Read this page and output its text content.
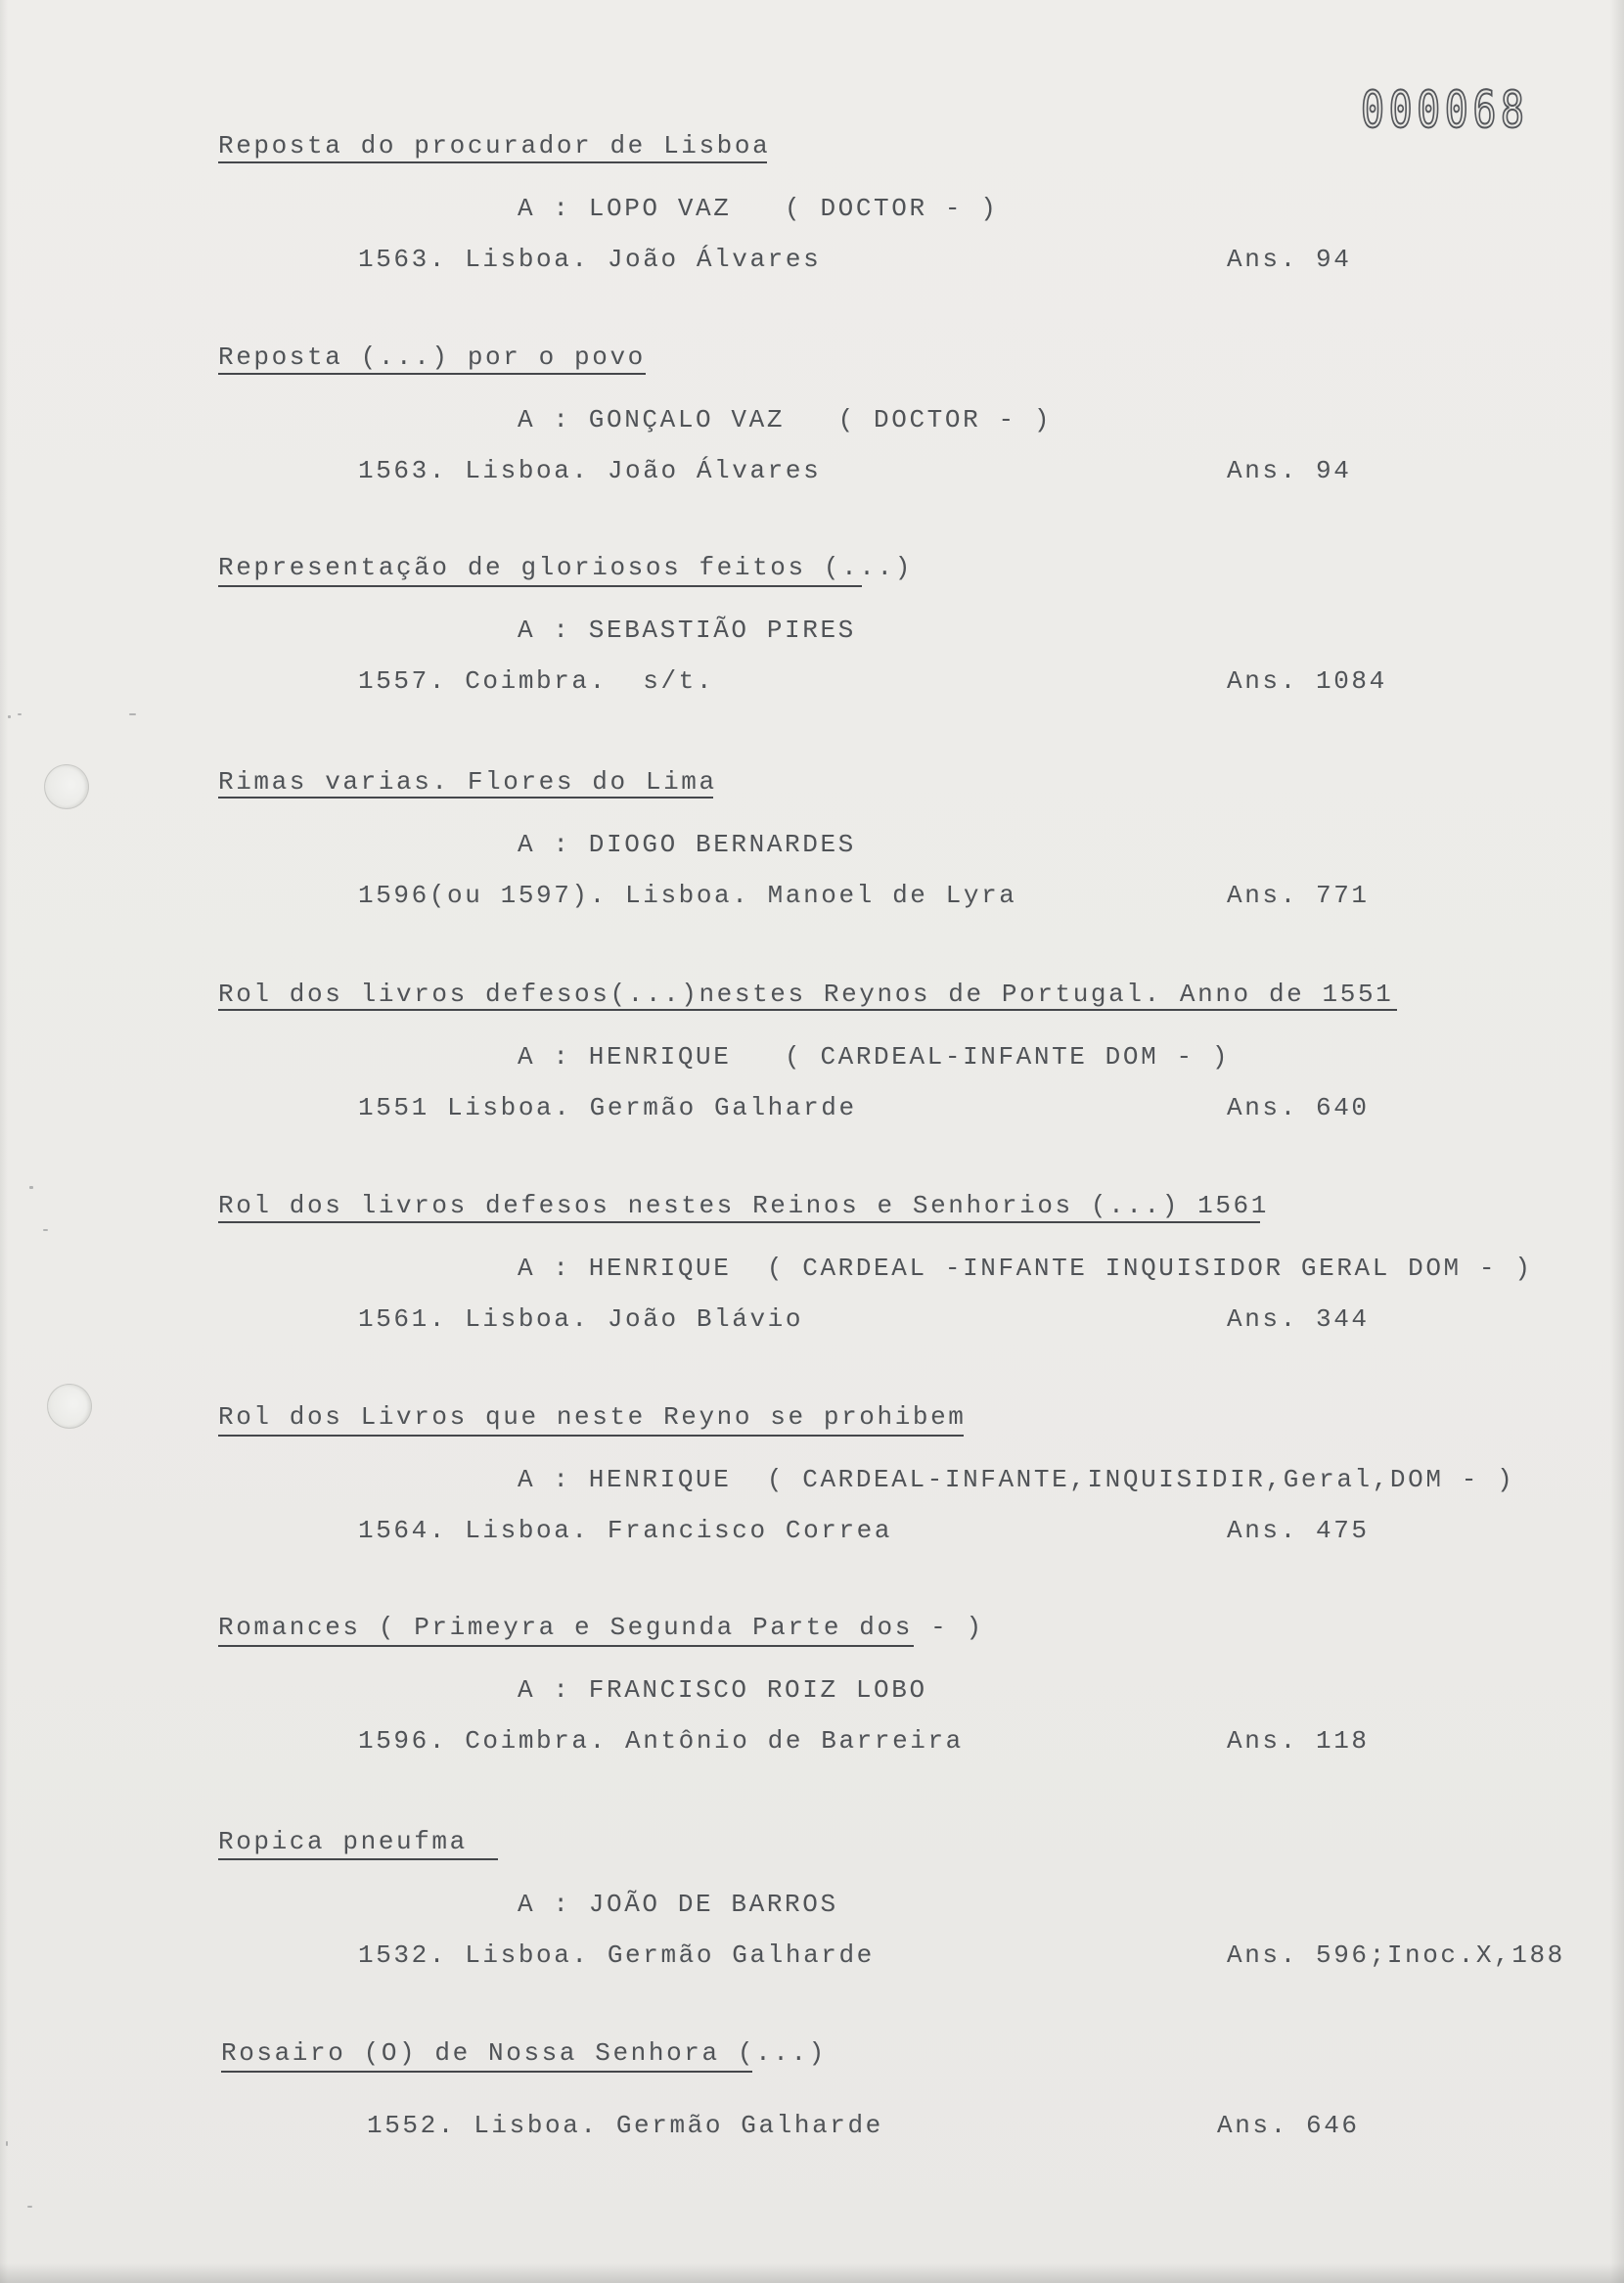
000068
Reposta do procurador de Lisboa
A : LOPO VAZ   ( DOCTOR - )
1563. Lisboa. João Álvares	Ans. 94
Reposta (...) por o povo
A : GONÇALO VAZ   ( DOCTOR - )
1563. Lisboa. João Álvares	Ans. 94
Representação de gloriosos feitos (...)
A : SEBASTIÃO PIRES
1557. Coimbra.  s/t.	Ans. 1084
Rimas varias. Flores do Lima
A : DIOGO BERNARDES
1596(ou 1597). Lisboa. Manoel de Lyra	Ans. 771
Rol dos livros defesos(...)nestes Reynos de Portugal. Anno de 1551
A : HENRIQUE   ( CARDEAL-INFANTE DOM - )
1551 Lisboa. Germão Galharde	Ans. 640
Rol dos livros defesos nestes Reinos e Senhorios (...) 1561
A : HENRIQUE  ( CARDEAL -INFANTE INQUISIDOR GERAL DOM - )
1561. Lisboa. João Blávio	Ans. 344
Rol dos Livros que neste Reyno se prohibem
A : HENRIQUE  ( CARDEAL-INFANTE,INQUISIDIR,Geral,DOM - )
1564. Lisboa. Francisco Correa	Ans. 475
Romances ( Primeyra e Segunda Parte dos - )
A : FRANCISCO ROIZ LOBO
1596. Coimbra. Antônio de Barreira	Ans. 118
Ropica pneufma
A : JOÃO DE BARROS
1532. Lisboa. Germão Galharde	Ans. 596;Inoc.X,188
Rosairo (O) de Nossa Senhora (...)
1552. Lisboa. Germão Galharde	Ans. 646
